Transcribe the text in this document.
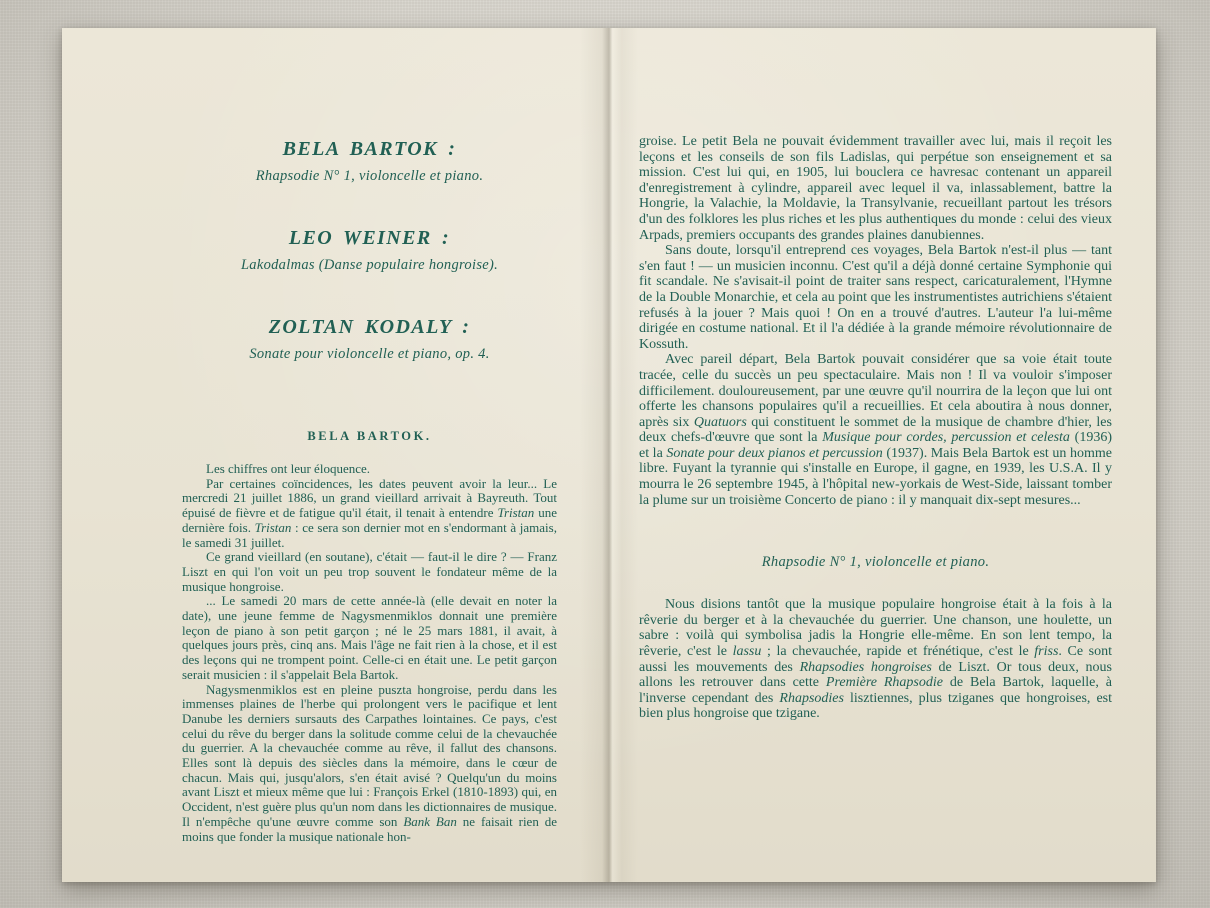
BELA BARTOK :
Rhapsodie N° 1, violoncelle et piano.
LEO WEINER :
Lakodalmas (Danse populaire hongroise).
ZOLTAN KODALY :
Sonate pour violoncelle et piano, op. 4.
BELA BARTOK.

Les chiffres ont leur éloquence.

Par certaines coïncidences, les dates peuvent avoir la leur... Le mercredi 21 juillet 1886, un grand vieillard arrivait à Bayreuth. Tout épuisé de fièvre et de fatigue qu'il était, il tenait à entendre Tristan une dernière fois. Tristan : ce sera son dernier mot en s'endormant à jamais, le samedi 31 juillet.

Ce grand vieillard (en soutane), c'était — faut-il le dire ? — Franz Liszt en qui l'on voit un peu trop souvent le fondateur même de la musique hongroise.

... Le samedi 20 mars de cette année-là (elle devait en noter la date), une jeune femme de Nagysmenmiklos donnait une première leçon de piano à son petit garçon ; né le 25 mars 1881, il avait, à quelques jours près, cinq ans. Mais l'âge ne fait rien à la chose, et il est des leçons qui ne trompent point. Celle-ci en était une. Le petit garçon serait musicien : il s'appelait Bela Bartok.

Nagysmenmiklos est en pleine puszta hongroise, perdu dans les immenses plaines de l'herbe qui prolongent vers le pacifique et lent Danube les derniers sursauts des Carpathes lointaines. Ce pays, c'est celui du rêve du berger dans la solitude comme celui de la chevauchée du guerrier. A la chevauchée comme au rêve, il fallut des chansons. Elles sont là depuis des siècles dans la mémoire, dans le cœur de chacun. Mais qui, jusqu'alors, s'en était avisé ? Quelqu'un du moins avant Liszt et mieux même que lui : François Erkel (1810-1893) qui, en Occident, n'est guère plus qu'un nom dans les dictionnaires de musique. Il n'empêche qu'une œuvre comme son Bank Ban ne faisait rien de moins que fonder la musique nationale hon-

groise. Le petit Bela ne pouvait évidemment travailler avec lui, mais il reçoit les leçons et les conseils de son fils Ladislas, qui perpétue son enseignement et sa mission. C'est lui qui, en 1905, lui bouclera ce havresac contenant un appareil d'enregistrement à cylindre, appareil avec lequel il va, inlassablement, battre la Hongrie, la Valachie, la Moldavie, la Transylvanie, recueillant partout les trésors d'un des folklores les plus riches et les plus authentiques du monde : celui des vieux Arpads, premiers occupants des grandes plaines danubiennes.

Sans doute, lorsqu'il entreprend ces voyages, Bela Bartok n'est-il plus — tant s'en faut ! — un musicien inconnu. C'est qu'il a déjà donné certaine Symphonie qui fit scandale. Ne s'avisait-il point de traiter sans respect, caricaturalement, l'Hymne de la Double Monarchie, et cela au point que les instrumentistes autrichiens s'étaient refusés à la jouer ? Mais quoi ! On en a trouvé d'autres. L'auteur l'a lui-même dirigée en costume national. Et il l'a dédiée à la grande mémoire révolutionnaire de Kossuth.

Avec pareil départ, Bela Bartok pouvait considérer que sa voie était toute tracée, celle du succès un peu spectaculaire. Mais non ! Il va vouloir s'imposer difficilement. douloureusement, par une œuvre qu'il nourrira de la leçon que lui ont offerte les chansons populaires qu'il a recueillies. Et cela aboutira à nous donner, après six Quatuors qui constituent le sommet de la musique de chambre d'hier, les deux chefs-d'œuvre que sont la Musique pour cordes, percussion et celesta (1936) et la Sonate pour deux pianos et percussion (1937). Mais Bela Bartok est un homme libre. Fuyant la tyrannie qui s'installe en Europe, il gagne, en 1939, les U.S.A. Il y mourra le 26 septembre 1945, à l'hôpital new-yorkais de West-Side, laissant tomber la plume sur un troisième Concerto de piano : il y manquait dix-sept mesures...

Rhapsodie N° 1, violoncelle et piano.

Nous disions tantôt que la musique populaire hongroise était à la fois à la rêverie du berger et à la chevauchée du guerrier. Une chanson, une houlette, un sabre : voilà qui symbolisa jadis la Hongrie elle-même. En son lent tempo, la rêverie, c'est le lassu ; la chevauchée, rapide et frénétique, c'est le friss. Ce sont aussi les mouvements des Rhapsodies hongroises de Liszt. Or tous deux, nous allons les retrouver dans cette Première Rhapsodie de Bela Bartok, laquelle, à l'inverse cependant des Rhapsodies lisztiennes, plus tziganes que hongroises, est bien plus hongroise que tzigane.
